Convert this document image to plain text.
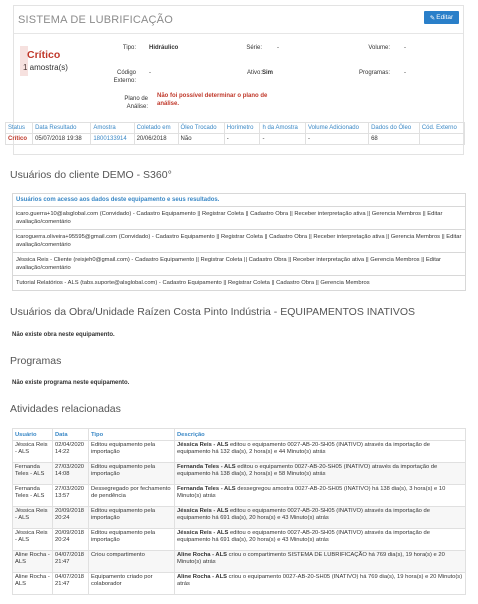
SISTEMA DE LUBRIFICAÇÃO	✎ Editar
Crítico
1 amostra(s)
Tipo: Hidráulico	Série:	-	Volume: -
Código Externo:
-	Ativo: Sim	Programas: -
Plano de Análise:
Não foi possível determinar o plano de análise.
Status	Data Resultado	Amostra	Coletado em	Óleo Trocado	Horímetro	h da Amostra	Volume Adicionado	Dados do Óleo	Cód. Externo
Crítico	05/07/2018 19:38	1800133914	20/06/2018	Não	-	-	-	68	
Usuários do cliente DEMO - S360°
Usuários com acesso aos dados deste equipamento e seus resultados.
icaro.guerra+10@alsglobal.com (Convidado) - Cadastro Equipamento || Registrar Coleta || Cadastro Obra || Receber interpretação ativa || Gerencia Membros || Editar avaliação/comentário
icaroguerra.oliveira+95595@gmail.com (Convidado) - Cadastro Equipamento || Registrar Coleta || Cadastro Obra || Receber interpretação ativa || Gerencia Membros || Editar avaliação/comentário
Jéssica Reis - Cliente (reisjeh0@gmail.com) - Cadastro Equipamento || Registrar Coleta || Cadastro Obra || Receber interpretação ativa || Gerencia Membros || Editar avaliação/comentário
Tutorial Relatórios - ALS (tabs.suporte@alsglobal.com) - Cadastro Equipamento || Registrar Coleta || Cadastro Obra || Gerencia Membros
Usuários da Obra/Unidade Raízen Costa Pinto Indústria - EQUIPAMENTOS INATIVOS
Não existe obra neste equipamento.
Programas
Não existe programa neste equipamento.
Atividades relacionadas
Usuário	Data	Tipo	Descrição
Jéssica Reis - ALS	02/04/2020 14:22	Editou equipamento pela importação	Jéssica Reis - ALS editou o equipamento 0027-AB-20-SH05 (INATIVO) através da importação de equipamento há 132 dia(s), 2 hora(s) e 44 Minuto(s) atrás
Fernanda Teles - ALS	27/03/2020 14:08	Editou equipamento pela importação	Fernanda Teles - ALS editou o equipamento 0027-AB-20-SH05 (INATIVO) através da importação de equipamento há 138 dia(s), 2 hora(s) e 58 Minuto(s) atrás
Fernanda Teles - ALS	27/03/2020 13:57	Dessegregado por fechamento de pendência	Fernanda Teles - ALS dessegregou amostra 0027-AB-20-SH05 (INATIVO) há 138 dia(s), 3 hora(s) e 10 Minuto(s) atrás
Jéssica Reis - ALS	20/09/2018 20:24	Editou equipamento pela importação	Jéssica Reis - ALS editou o equipamento 0027-AB-20-SH05 (INATIVO) através da importação de equipamento há 691 dia(s), 20 hora(s) e 43 Minuto(s) atrás
Jéssica Reis - ALS	20/09/2018 20:24	Editou equipamento pela importação	Jéssica Reis - ALS editou o equipamento 0027-AB-20-SH05 (INATIVO) através da importação de equipamento há 691 dia(s), 20 hora(s) e 43 Minuto(s) atrás
Aline Rocha - ALS	04/07/2018 21:47	Criou compartimento	Aline Rocha - ALS criou o compartimento SISTEMA DE LUBRIFICAÇÃO há 769 dia(s), 19 hora(s) e 20 Minuto(s) atrás
Aline Rocha - ALS	04/07/2018 21:47	Equipamento criado por colaborador	Aline Rocha - ALS criou o equipamento 0027-AB-20-SH05 (INATIVO) há 769 dia(s), 19 hora(s) e 20 Minuto(s) atrás
